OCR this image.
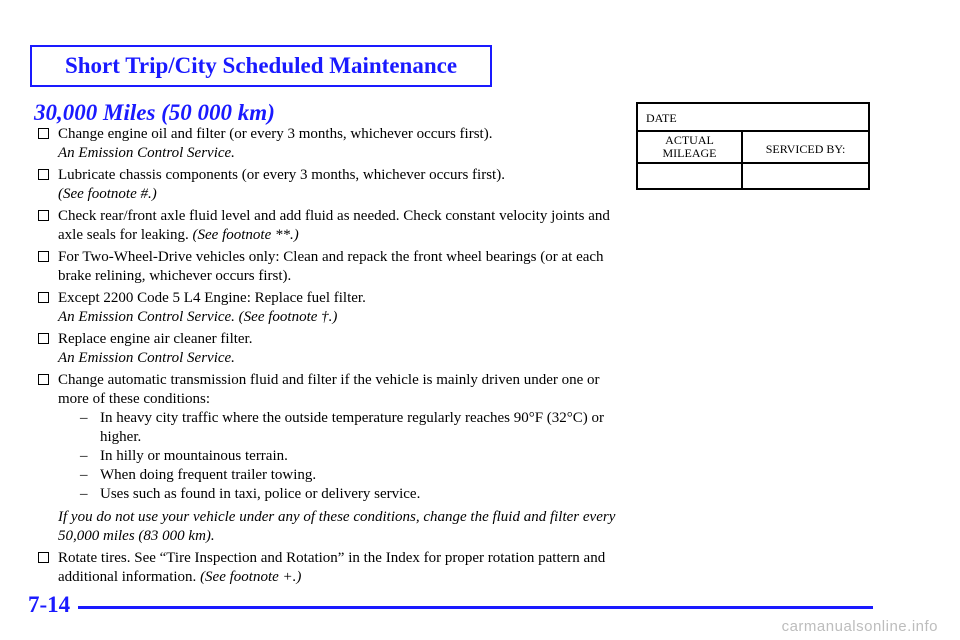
Short Trip/City Scheduled Maintenance
30,000 Miles (50 000 km)
Change engine oil and filter (or every 3 months, whichever occurs first).
An Emission Control Service.
Lubricate chassis components (or every 3 months, whichever occurs first).
(See footnote #.)
Check rear/front axle fluid level and add fluid as needed. Check constant velocity joints and axle seals for leaking. (See footnote **.)
For Two-Wheel-Drive vehicles only: Clean and repack the front wheel bearings (or at each brake relining, whichever occurs first).
Except 2200 Code 5 L4 Engine: Replace fuel filter.
An Emission Control Service. (See footnote †.)
Replace engine air cleaner filter.
An Emission Control Service.
Change automatic transmission fluid and filter if the vehicle is mainly driven under one or more of these conditions:
– In heavy city traffic where the outside temperature regularly reaches 90°F (32°C) or higher.
– In hilly or mountainous terrain.
– When doing frequent trailer towing.
– Uses such as found in taxi, police or delivery service.
If you do not use your vehicle under any of these conditions, change the fluid and filter every 50,000 miles (83 000 km).
Rotate tires. See “Tire Inspection and Rotation” in the Index for proper rotation pattern and additional information. (See footnote +.)
DATE
ACTUAL
MILEAGE	SERVICED BY:
7-14
carmanualsonline.info
